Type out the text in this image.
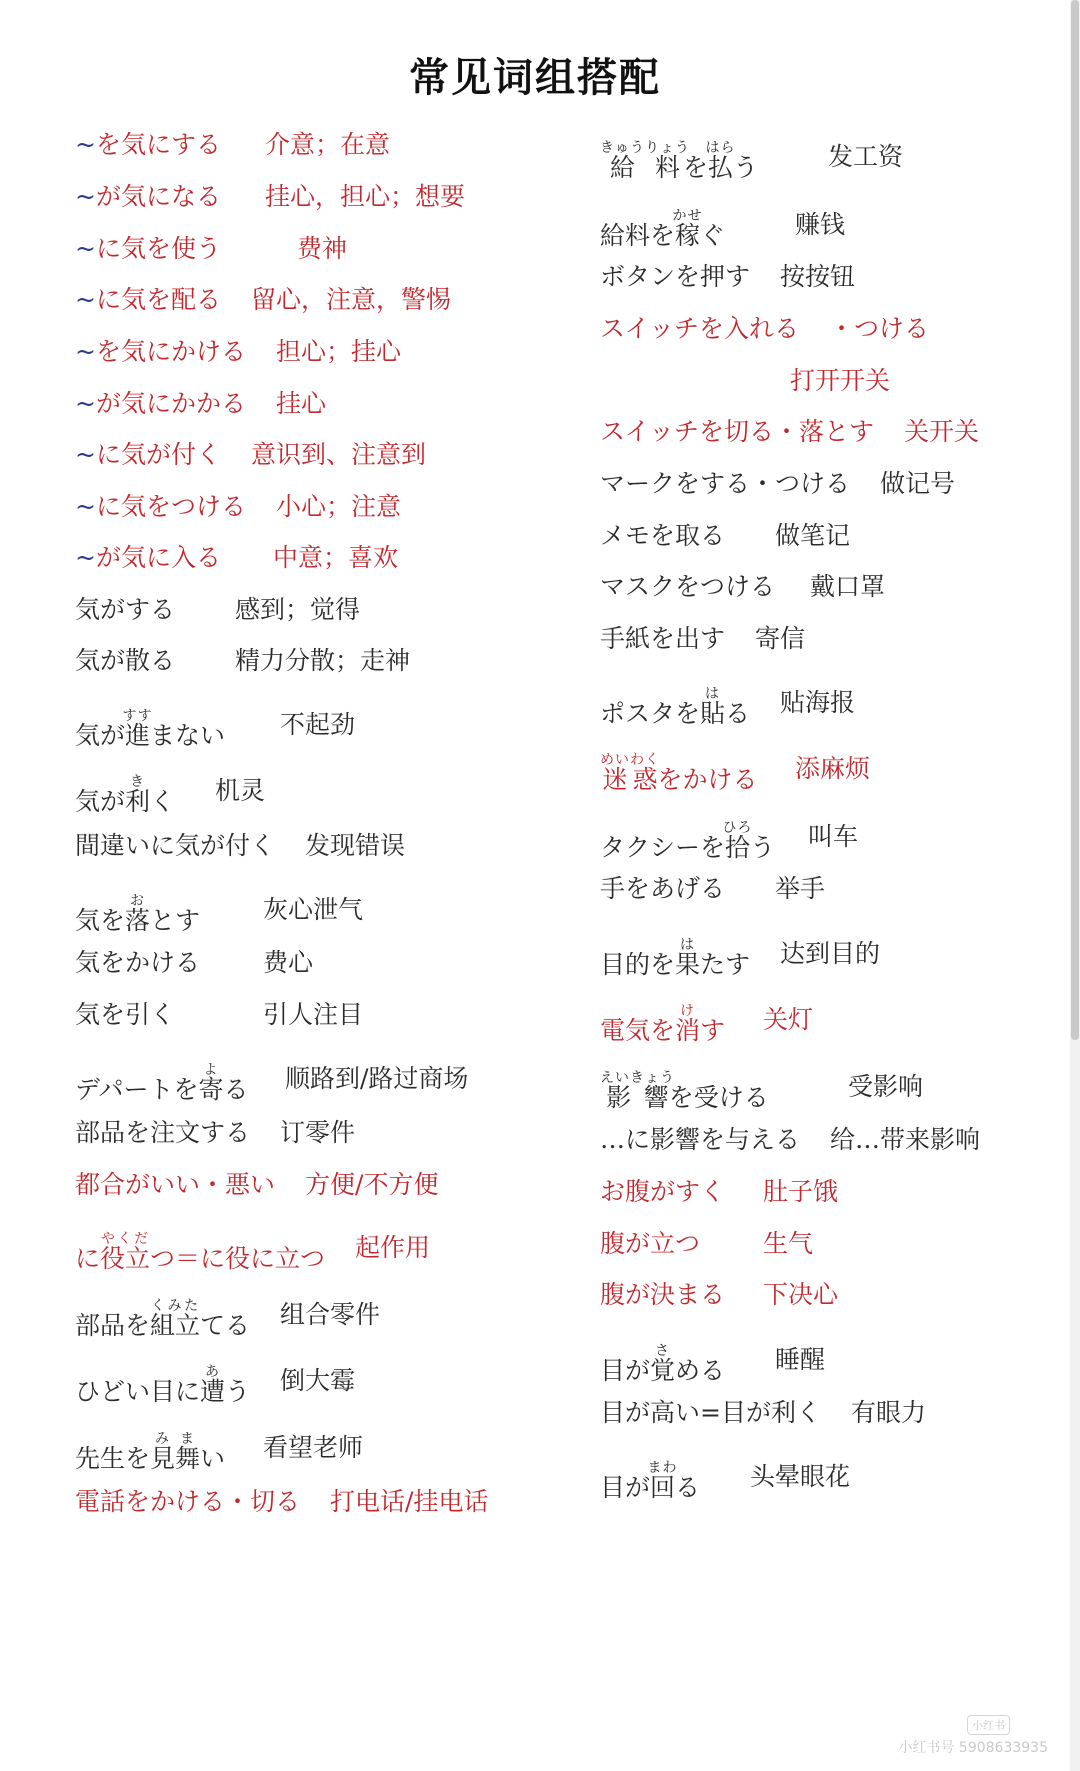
常见词组搭配
~を気にする 介意；在意
~が気になる 挂心，担心；想要
~に気を使う	费神
~に気を配る 留心，注意，警惕
~を気にかける 担心；挂心
~が気にかかる 挂心
~に気が付く 意识到、注意到
~に気をつける 小心；注意
~が気に入る 中意；喜欢
気がする 感到；觉得
気が散る 精力分散；走神
気が進すすまない 不起劲
気が利きく 机灵
間違いに気が付く 发现错误
気を落おとす	灰心泄气
気をかける	费心
気を引く	引人注目
デパートを寄よる 顺路到/路过商场
部品を注文する 订零件
都合がいい・悪い 方便/不方便
に役立やくだつ＝に役に立つ 起作用
部品を組立くみたてる 组合零件
ひどい目に遭あう 倒大霉
先生を見舞みまい 看望老师
電話をかける・切る 打电话/挂电话
給料きゅうりょうを払はらう	发工资
給料を稼かせぐ	赚钱
ボタンを押す 按按钮
スイッチを入れる ・つける
打开开关
スイッチを切る・落とす 关开关
マークをする・つける 做记号
メモを取る 做笔记
マスクをつける 戴口罩
手紙を出す 寄信
ポスタを貼はる 贴海报
迷惑めいわくをかける 添麻烦
タクシーを拾ひろう 叫车
手をあげる 举手
目的を果はたす 达到目的
電気を消けす 关灯
影響えいきょうを受ける	受影响
…に影響を与える 给…带来影响
お腹がすく 肚子饿
腹が立つ	生气
腹が決まる 下决心
目が覚さめる 睡醒
目が高い=目が利く 有眼力
目が回まわる 头晕眼花
小红书
小红书号 5908633935
